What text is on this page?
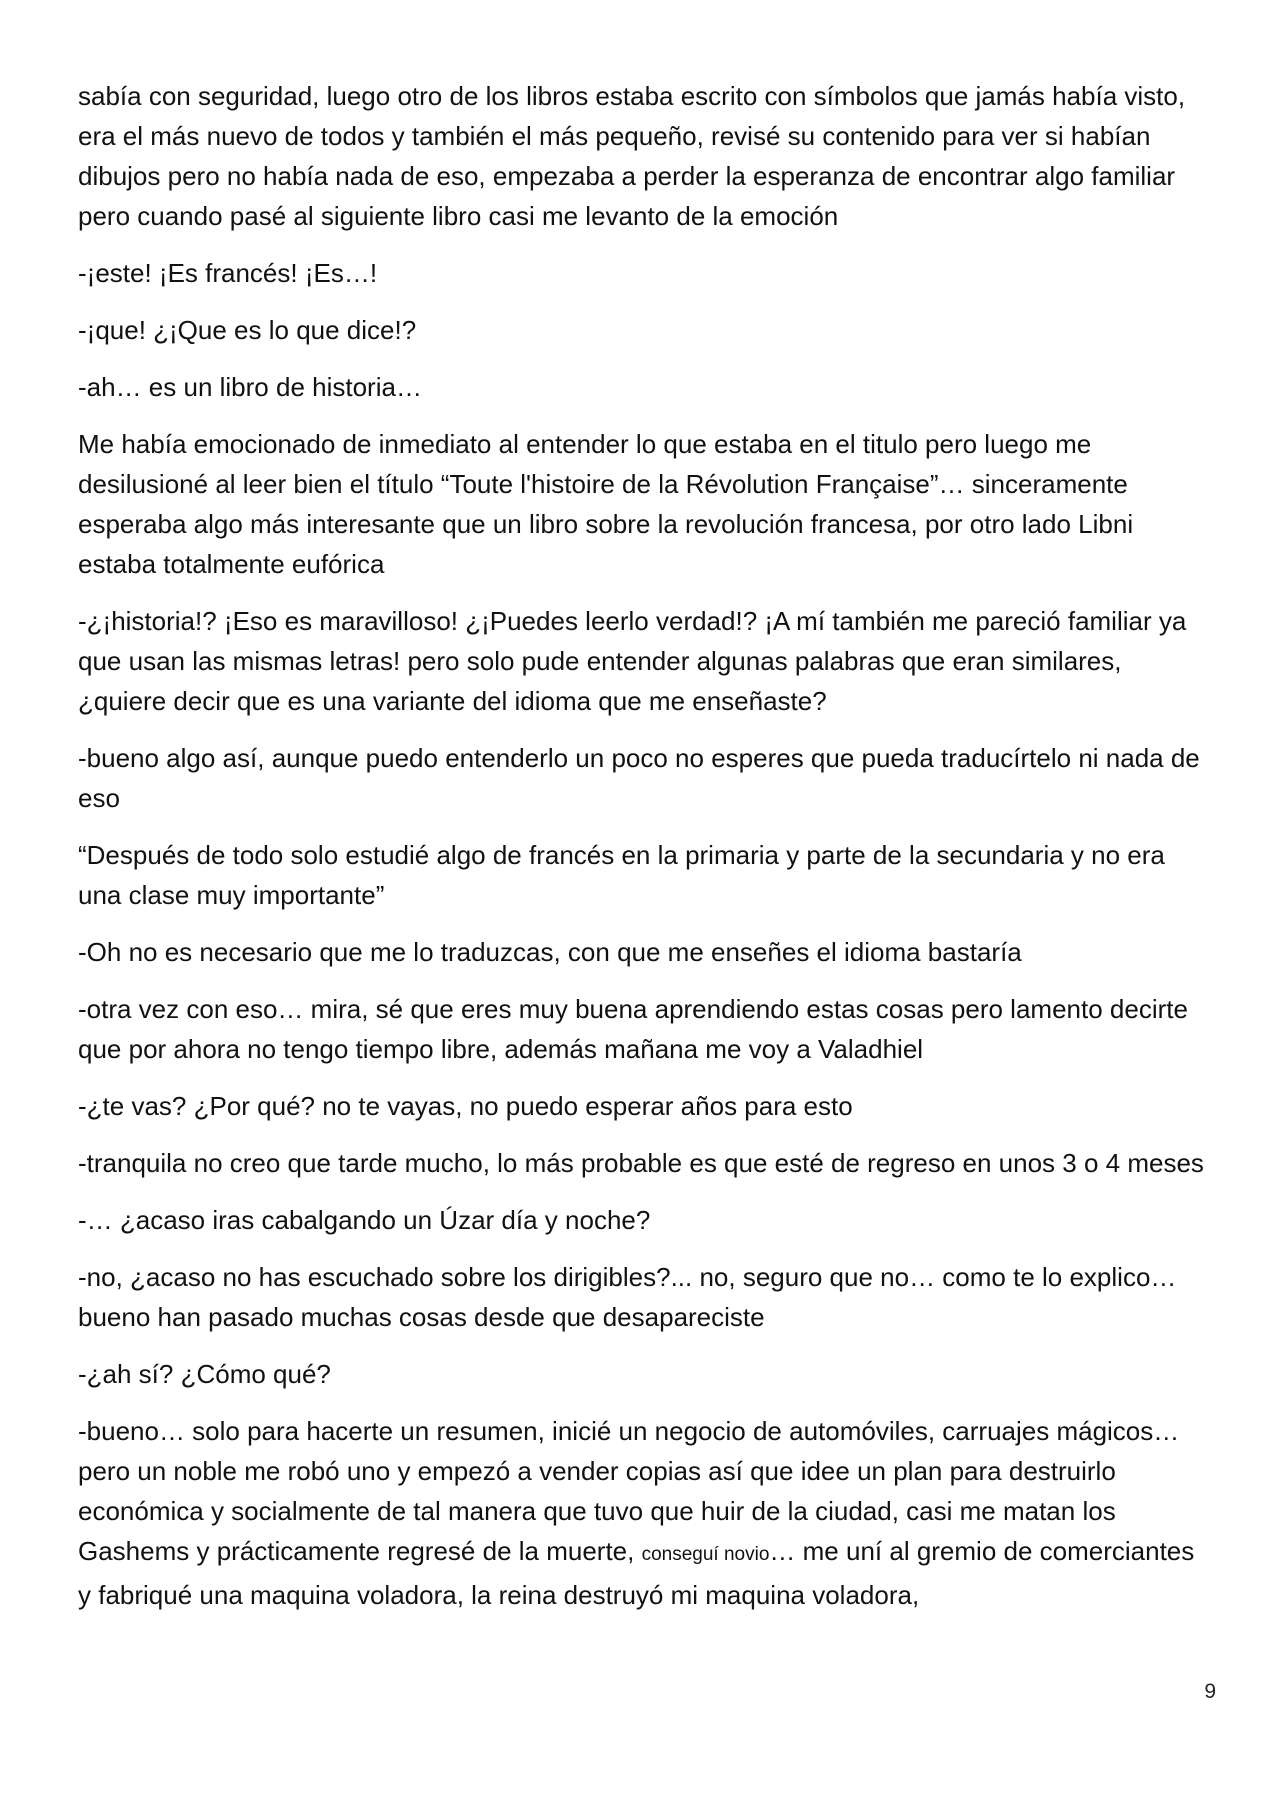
sabía con seguridad, luego otro de los libros estaba escrito con símbolos que jamás había visto, era el más nuevo de todos y también el más pequeño, revisé su contenido para ver si habían dibujos pero no había nada de eso, empezaba a perder la esperanza de encontrar algo familiar pero cuando pasé al siguiente libro casi me levanto de la emoción

-¡este! ¡Es francés! ¡Es…!

-¡que! ¿¡Que es lo que dice!?

-ah… es un libro de historia…

Me había emocionado de inmediato al entender lo que estaba en el titulo pero luego me desilusioné al leer bien el título “Toute l'histoire de la Révolution Française”… sinceramente esperaba algo más interesante que un libro sobre la revolución francesa, por otro lado Libni estaba totalmente eufórica

-¿¡historia!? ¡Eso es maravilloso! ¿¡Puedes leerlo verdad!? ¡A mí también me pareció familiar ya que usan las mismas letras! pero solo pude entender algunas palabras que eran similares, ¿quiere decir que es una variante del idioma que me enseñaste?

-bueno algo así, aunque puedo entenderlo un poco no esperes que pueda traducírtelo ni nada de eso

“Después de todo solo estudié algo de francés en la primaria y parte de la secundaria y no era una clase muy importante”

-Oh no es necesario que me lo traduzcas, con que me enseñes el idioma bastaría

-otra vez con eso… mira, sé que eres muy buena aprendiendo estas cosas pero lamento decirte que por ahora no tengo tiempo libre, además mañana me voy a Valadhiel

-¿te vas? ¿Por qué? no te vayas, no puedo esperar años para esto

-tranquila no creo que tarde mucho, lo más probable es que esté de regreso en unos 3 o 4 meses

-… ¿acaso iras cabalgando un Úzar día y noche?

-no, ¿acaso no has escuchado sobre los dirigibles?... no, seguro que no… como te lo explico… bueno han pasado muchas cosas desde que desapareciste

-¿ah sí? ¿Cómo qué?

-bueno… solo para hacerte un resumen, inicié un negocio de automóviles, carruajes mágicos… pero un noble me robó uno y empezó a vender copias así que idee un plan para destruirlo económica y socialmente de tal manera que tuvo que huir de la ciudad, casi me matan los Gashems y prácticamente regresé de la muerte, conseguí novio… me uní al gremio de comerciantes y fabriqué una maquina voladora, la reina destruyó mi maquina voladora,

9
